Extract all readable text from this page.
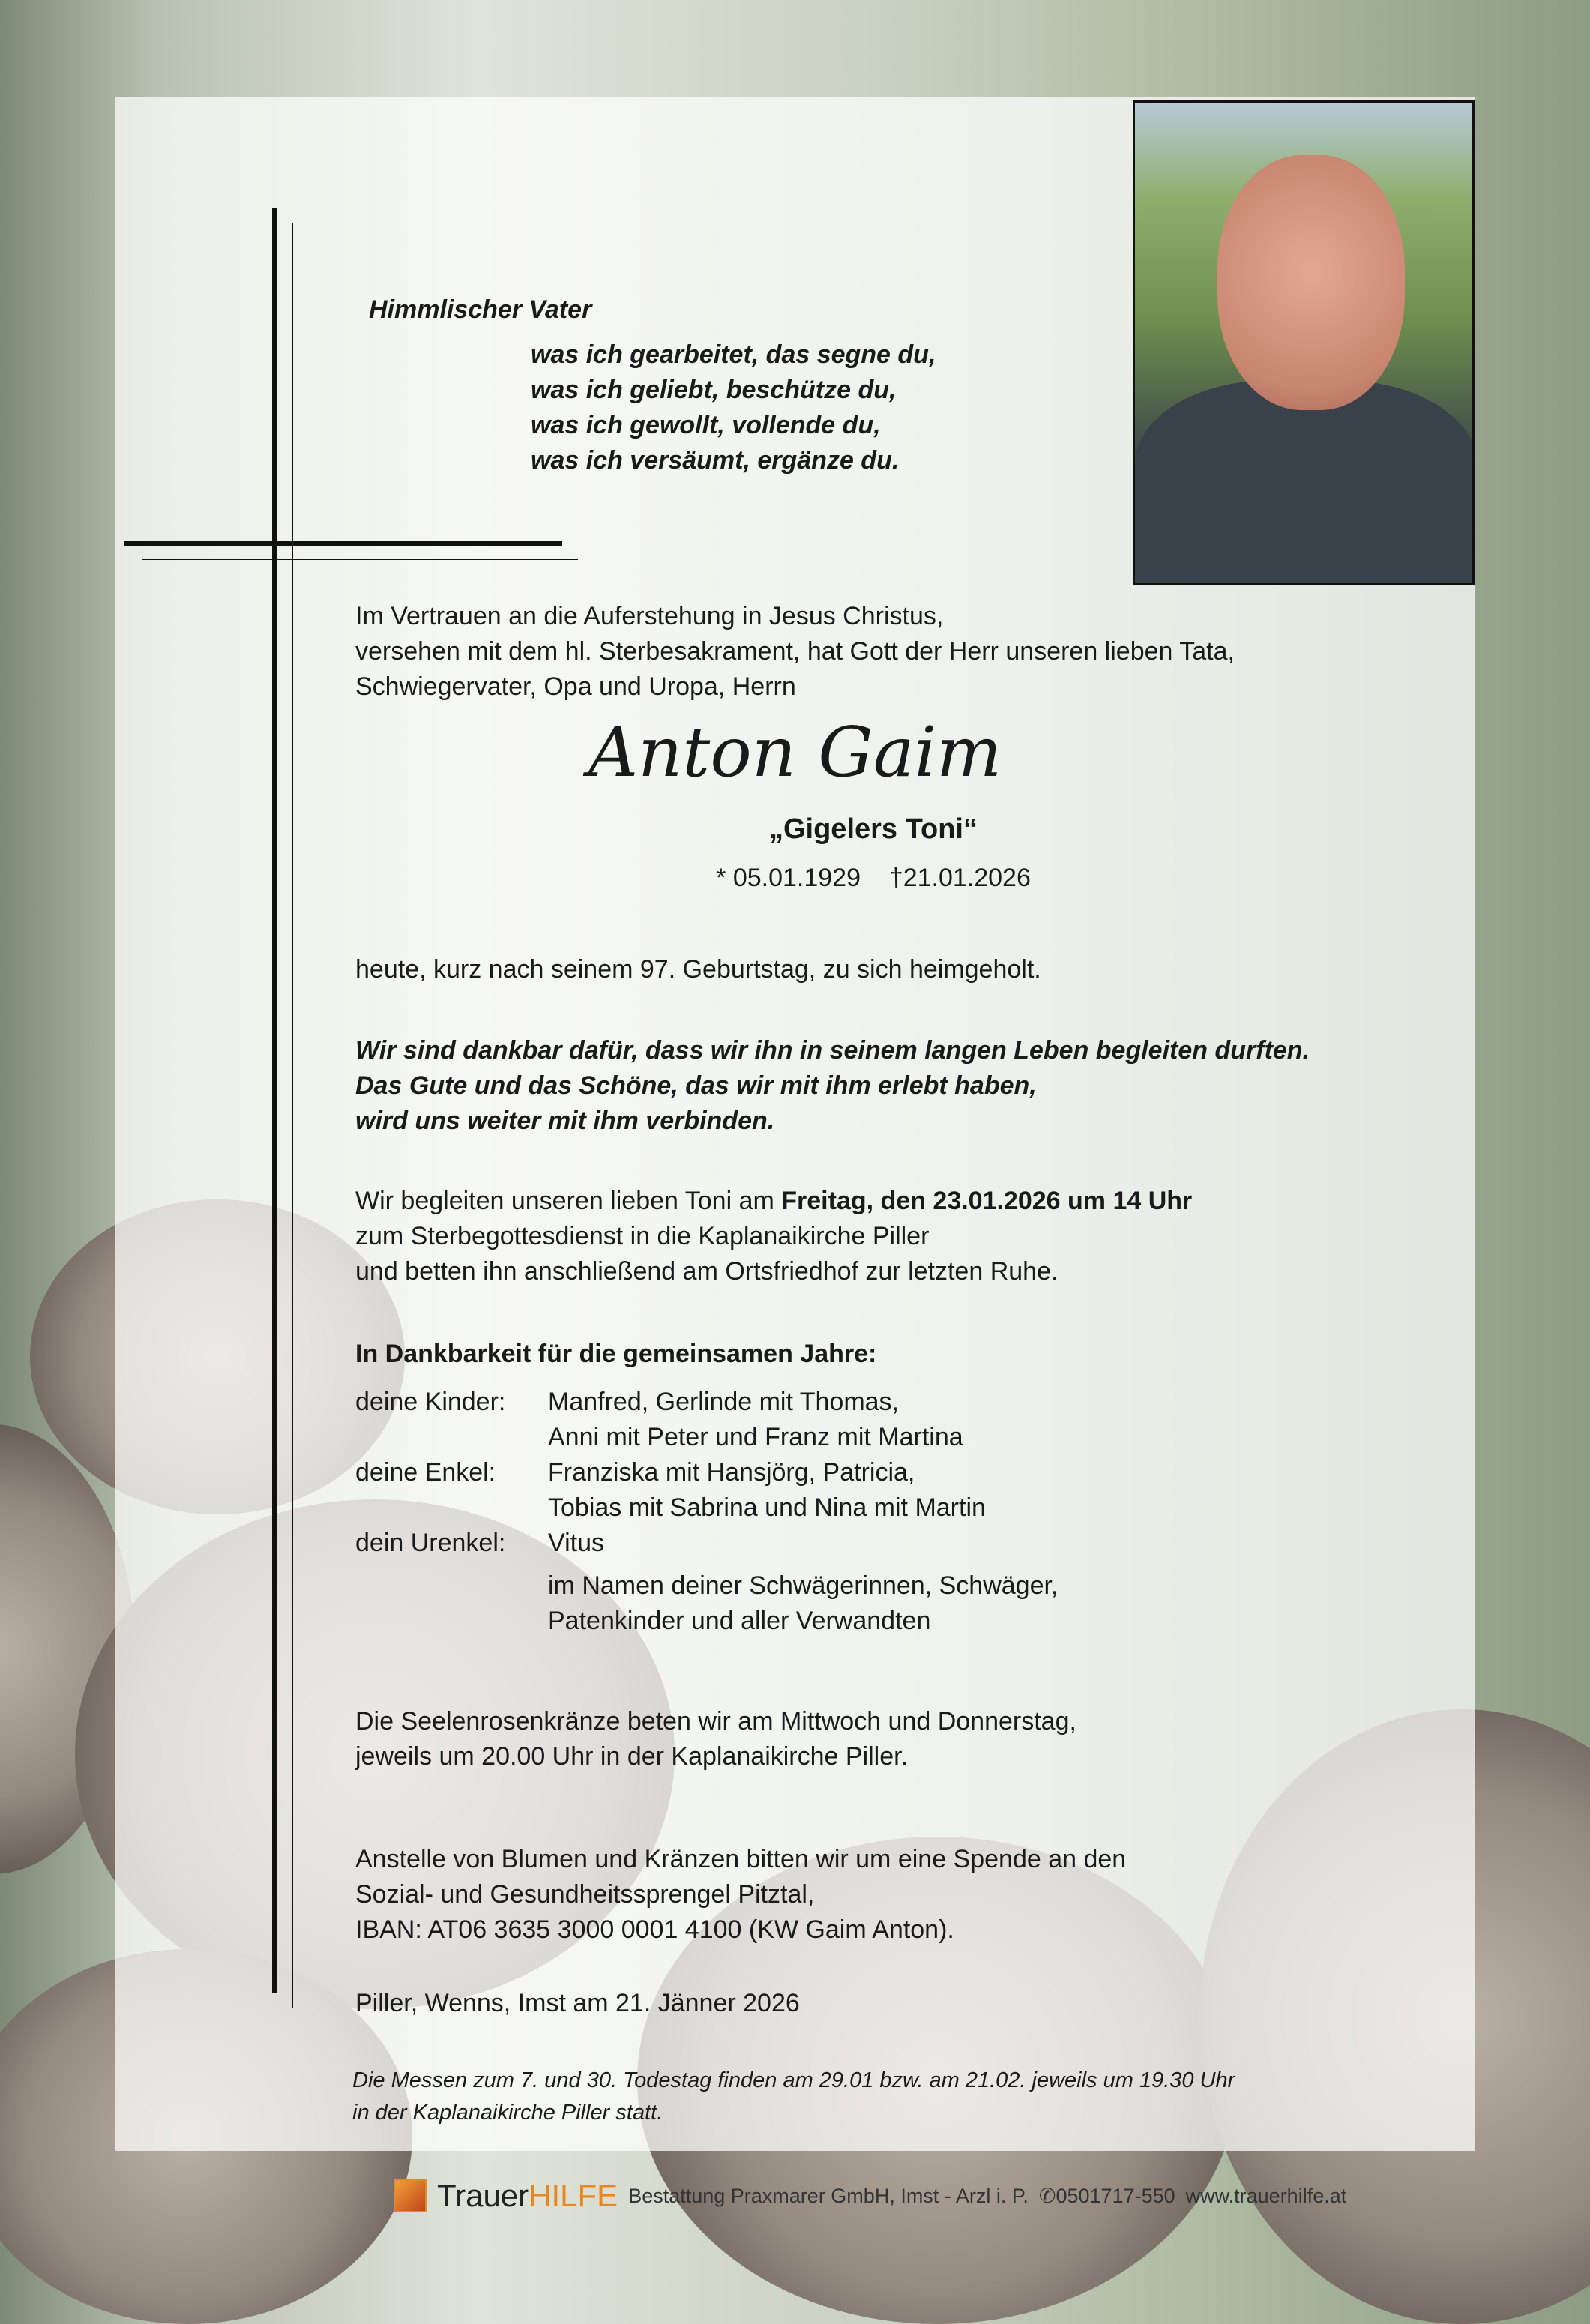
Himmlischer Vater
was ich gearbeitet, das segne du,
was ich geliebt, beschütze du,
was ich gewollt, vollende du,
was ich versäumt, ergänze du.
Im Vertrauen an die Auferstehung in Jesus Christus,
versehen mit dem hl. Sterbesakrament, hat Gott der Herr unseren lieben Tata,
Schwiegervater, Opa und Uropa, Herrn
Anton Gaim
„Gigelers Toni“
* 05.01.1929 †21.01.2026
heute, kurz nach seinem 97. Geburtstag, zu sich heimgeholt.
Wir sind dankbar dafür, dass wir ihn in seinem langen Leben begleiten durften.
Das Gute und das Schöne, das wir mit ihm erlebt haben,
wird uns weiter mit ihm verbinden.
Wir begleiten unseren lieben Toni am Freitag, den 23.01.2026 um 14 Uhr
zum Sterbegottesdienst in die Kaplanaikirche Piller
und betten ihn anschließend am Ortsfriedhof zur letzten Ruhe.
In Dankbarkeit für die gemeinsamen Jahre:
deine Kinder:

deine Enkel:

dein Urenkel:
Manfred, Gerlinde mit Thomas,
Anni mit Peter und Franz mit Martina
Franziska mit Hansjörg, Patricia,
Tobias mit Sabrina und Nina mit Martin
Vitus
im Namen deiner Schwägerinnen, Schwäger,
Patenkinder und aller Verwandten
Die Seelenrosenkränze beten wir am Mittwoch und Donnerstag,
jeweils um 20.00 Uhr in der Kaplanaikirche Piller.
Anstelle von Blumen und Kränzen bitten wir um eine Spende an den
Sozial- und Gesundheitssprengel Pitztal,
IBAN: AT06 3635 3000 0001 4100 (KW Gaim Anton).
Piller, Wenns, Imst am 21. Jänner 2026
Die Messen zum 7. und 30. Todestag finden am 29.01 bzw. am 21.02. jeweils um 19.30 Uhr
in der Kaplanaikirche Piller statt.
TrauerHILFE Bestattung Praxmarer GmbH, Imst - Arzl i. P. ✆0501717-550 www.trauerhilfe.at
